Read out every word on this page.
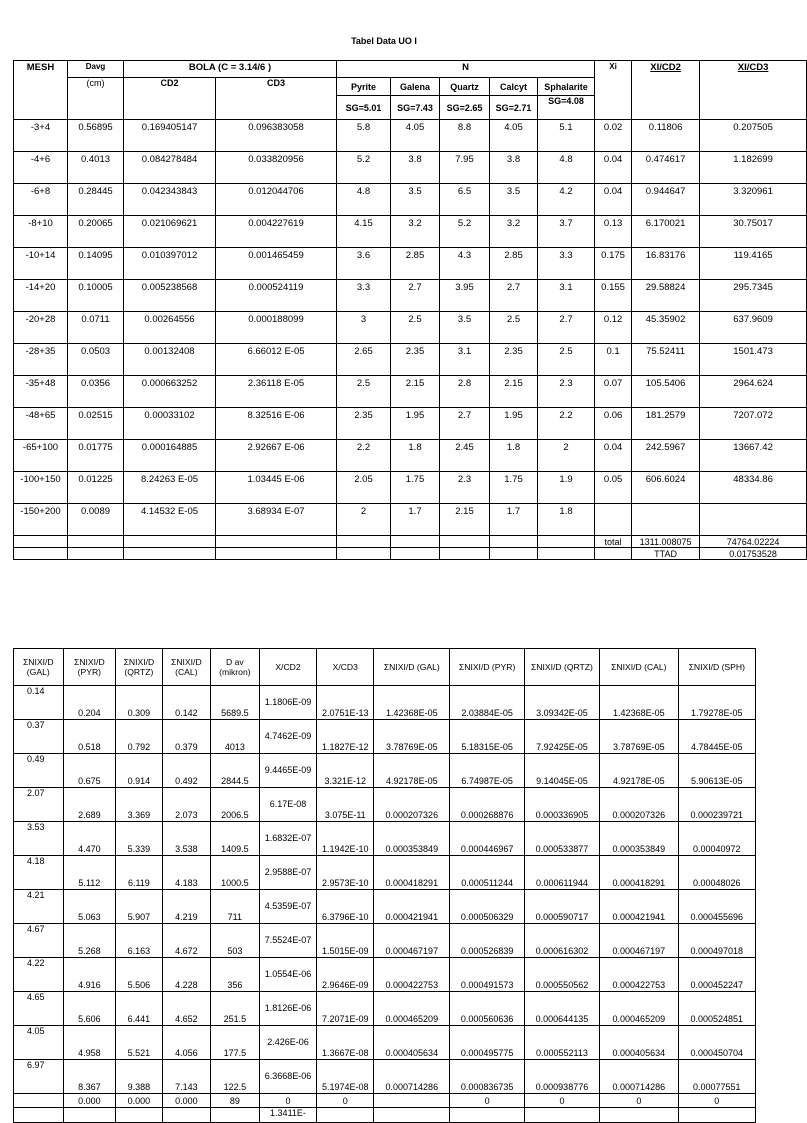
Tabel Data UO I
MESH	Davg	BOLA (C = 3.14/6 )		N					Xi	XI/CD2	XI/CD3
	(cm)	CD2	CD3	Pyrite	Galena	Quartz	Calcyt	Sphalarite			
				SG=5.01	SG=7.43	SG=2.65	SG=2.71	SG=4.08			
-3+4	0.56895	0.169405147	0.096383058	5.8	4.05	8.8	4.05	5.1	0.02	0.11806	0.207505
-4+6	0.4013	0.084278484	0.033820956	5.2	3.8	7.95	3.8	4.8	0.04	0.474617	1.182699
-6+8	0.28445	0.042343843	0.012044706	4.8	3.5	6.5	3.5	4.2	0.04	0.944647	3.320961
-8+10	0.20065	0.021069621	0.004227619	4.15	3.2	5.2	3.2	3.7	0.13	6.170021	30.75017
-10+14	0.14095	0.010397012	0.001465459	3.6	2.85	4.3	2.85	3.3	0.175	16.83176	119.4165
-14+20	0.10005	0.005238568	0.000524119	3.3	2.7	3.95	2.7	3.1	0.155	29.58824	295.7345
-20+28	0.0711	0.00264556	0.000188099	3	2.5	3.5	2.5	2.7	0.12	45.35902	637.9609
-28+35	0.0503	0.00132408	6.66012 E-05	2.65	2.35	3.1	2.35	2.5	0.1	75.52411	1501.473
-35+48	0.0356	0.000663252	2.36118 E-05	2.5	2.15	2.8	2.15	2.3	0.07	105.5406	2964.624
-48+65	0.02515	0.00033102	8.32516 E-06	2.35	1.95	2.7	1.95	2.2	0.06	181.2579	7207.072
-65+100	0.01775	0.000164885	2.92667 E-06	2.2	1.8	2.45	1.8	2	0.04	242.5967	13667.42
-100+150	0.01225	8.24263 E-05	1.03445 E-06	2.05	1.75	2.3	1.75	1.9	0.05	606.6024	48334.86
-150+200	0.0089	4.14532 E-05	3.68934 E-07	2	1.7	2.15	1.7	1.8			
									total	1311.008075	74764.02224
										TTAD	0.01753528
ΣNIXI/D (GAL)	ΣNIXI/D (PYR)	ΣNIXI/D (QRTZ)	ΣNIXI/D (CAL)	D av (mikron)	X/CD2	X/CD3	ΣNIXI/D (GAL)	ΣNIXI/D (PYR)	ΣNIXI/D (QRTZ)	ΣNIXI/D (CAL)	ΣNIXI/D (SPH)
0.14	0.204	0.309	0.142	5689.5	1.1806E-09	2.0751E-13	1.42368E-05	2.03884E-05	3.09342E-05	1.42368E-05	1.79278E-05
0.37	0.518	0.792	0.379	4013	4.7462E-09	1.1827E-12	3.78769E-05	5.18315E-05	7.92425E-05	3.78769E-05	4.78445E-05
0.49	0.675	0.914	0.492	2844.5	9.4465E-09	3.321E-12	4.92178E-05	6.74987E-05	9.14045E-05	4.92178E-05	5.90613E-05
2.07	2.689	3.369	2.073	2006.5	6.17E-08	3.075E-11	0.000207326	0.000268876	0.000336905	0.000207326	0.000239721
3.53	4.470	5.339	3.538	1409.5	1.6832E-07	1.1942E-10	0.000353849	0.000446967	0.000533877	0.000353849	0.00040972
4.18	5.112	6.119	4.183	1000.5	2.9588E-07	2.9573E-10	0.000418291	0.000511244	0.000611944	0.000418291	0.00048026
4.21	5.063	5.907	4.219	711	4.5359E-07	6.3796E-10	0.000421941	0.000506329	0.000590717	0.000421941	0.000455696
4.67	5.268	6.163	4.672	503	7.5524E-07	1.5015E-09	0.000467197	0.000526839	0.000616302	0.000467197	0.000497018
4.22	4.916	5.506	4.228	356	1.0554E-06	2.9646E-09	0.000422753	0.000491573	0.000550562	0.000422753	0.000452247
4.65	5.606	6.441	4.652	251.5	1.8126E-06	7.2071E-09	0.000465209	0.000560636	0.000644135	0.000465209	0.000524851
4.05	4.958	5.521	4.056	177.5	2.426E-06	1.3667E-08	0.000405634	0.000495775	0.000552113	0.000405634	0.000450704
6.97	8.367	9.388	7.143	122.5	6.3668E-06	5.1974E-08	0.000714286	0.000836735	0.000938776	0.000714286	0.00077551
	0.000	0.000	0.000	89	0	0		0	0	0	0
					1.3411E-						
